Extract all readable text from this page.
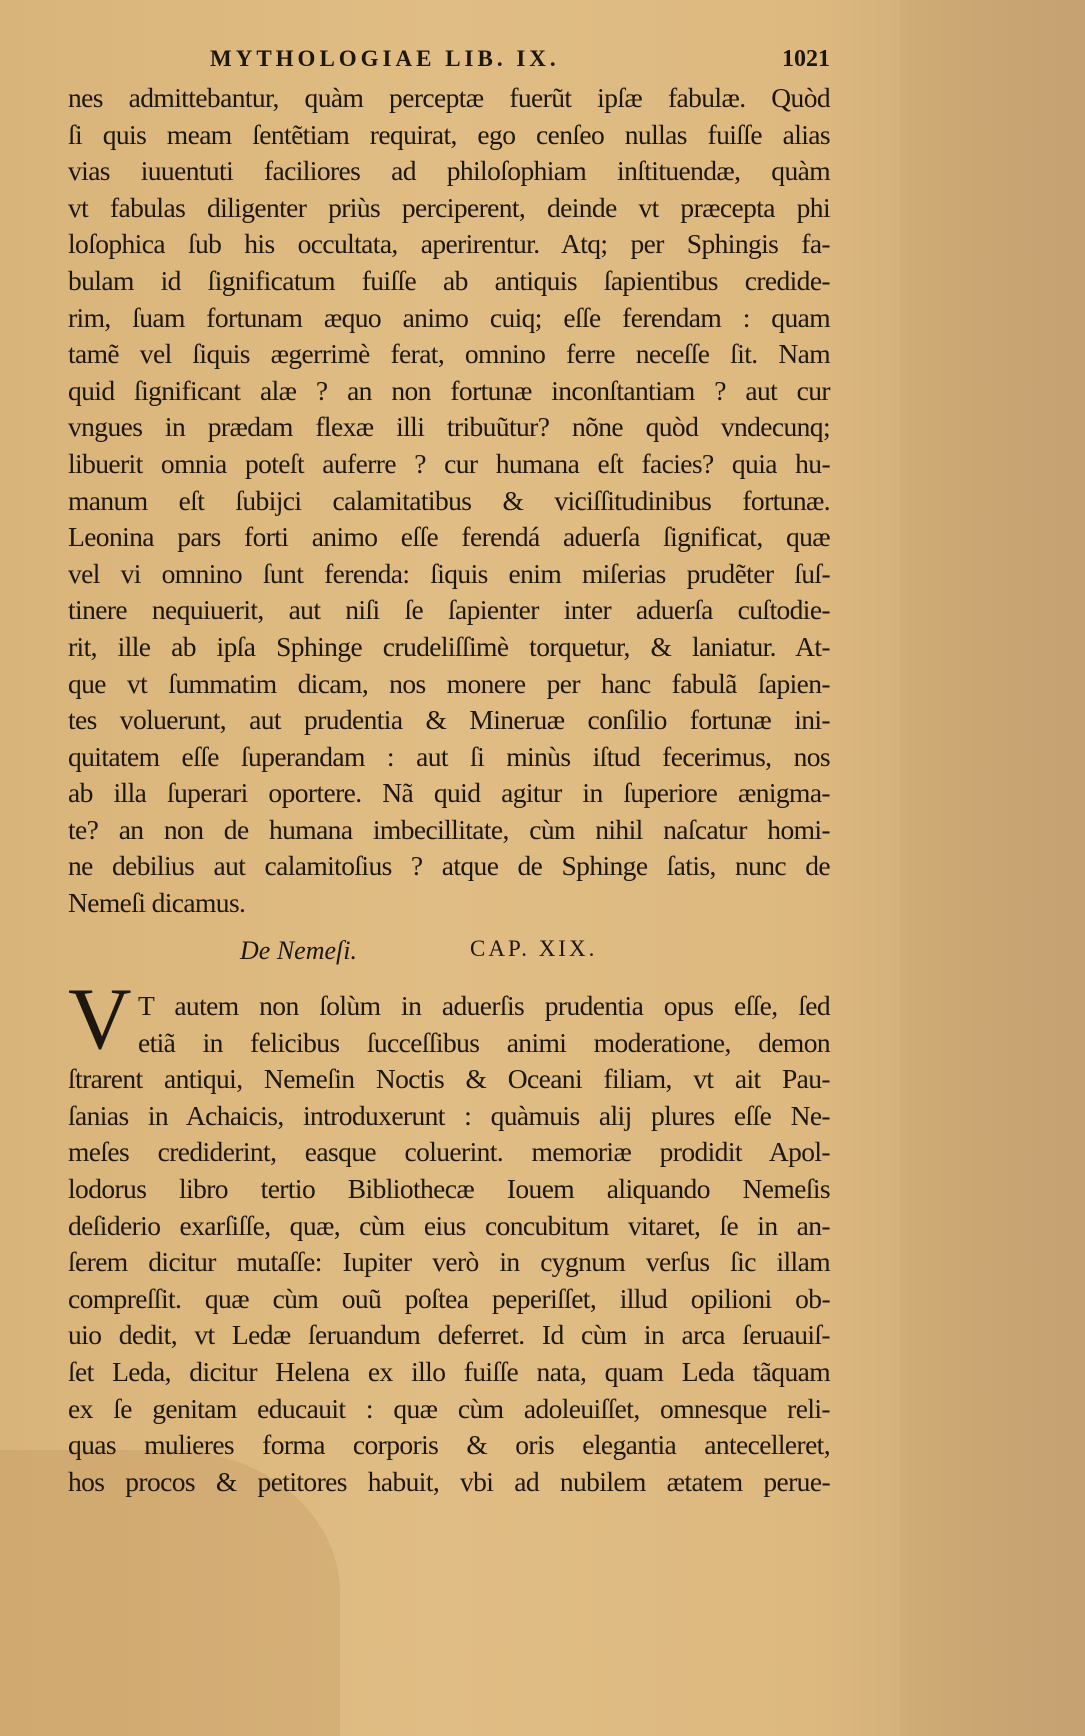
MYTHOLOGIAE LIB. IX.	1021
nes admittebantur, quàm perceptæ fuerũt ipſæ fabulæ. Quòd
ſi quis meam ſentẽtiam requirat, ego cenſeo nullas fuiſſe alias
vias iuuentuti faciliores ad philoſophiam inſtituendæ, quàm
vt fabulas diligenter priùs perciperent, deinde vt præcepta phi
loſophica ſub his occultata, aperirentur. Atq; per Sphingis fa-
bulam id ſignificatum fuiſſe ab antiquis ſapientibus credide-
rim, ſuam fortunam æquo animo cuiq; eſſe ferendam : quam
tamẽ vel ſiquis ægerrimè ferat, omnino ferre neceſſe ſit. Nam
quid ſignificant alæ ? an non fortunæ inconſtantiam ? aut cur
vngues in prædam flexæ illi tribuũtur? nõne quòd vndecunq;
libuerit omnia poteſt auferre ? cur humana eſt facies? quia hu-
manum eſt ſubijci calamitatibus & viciſſitudinibus fortunæ.
Leonina pars forti animo eſſe ferendá aduerſa ſignificat, quæ
vel vi omnino ſunt ferenda: ſiquis enim miſerias prudẽter ſuſ-
tinere nequiuerit, aut niſi ſe ſapienter inter aduerſa cuſtodie-
rit, ille ab ipſa Sphinge crudeliſſimè torquetur, & laniatur. At-
que vt ſummatim dicam, nos monere per hanc fabulã ſapien-
tes voluerunt, aut prudentia & Mineruæ conſilio fortunæ ini-
quitatem eſſe ſuperandam : aut ſi minùs iſtud fecerimus, nos
ab illa ſuperari oportere. Nã quid agitur in ſuperiore ænigma-
te? an non de humana imbecillitate, cùm nihil naſcatur homi-
ne debilius aut calamitoſius ? atque de Sphinge ſatis, nunc de
Nemeſi dicamus.
De Nemeſi.	CAP. XIX.
V T autem non ſolùm in aduerſis prudentia opus eſſe, ſed
etiã in felicibus ſucceſſibus animi moderatione, demon
ſtrarent antiqui, Nemeſin Noctis & Oceani filiam, vt ait Pau-
ſanias in Achaicis, introduxerunt : quàmuis alij plures eſſe Ne-
meſes crediderint, easque coluerint. memoriæ prodidit Apol-
lodorus libro tertio Bibliothecæ Iouem aliquando Nemeſis
deſiderio exarſiſſe, quæ, cùm eius concubitum vitaret, ſe in an-
ſerem dicitur mutaſſe: Iupiter verò in cygnum verſus ſic illam
compreſſit. quæ cùm ouũ poſtea peperiſſet, illud opilioni ob-
uio dedit, vt Ledæ ſeruandum deferret. Id cùm in arca ſeruauiſ-
ſet Leda, dicitur Helena ex illo fuiſſe nata, quam Leda tãquam
ex ſe genitam educauit : quæ cùm adoleuiſſet, omnesque reli-
quas mulieres forma corporis & oris elegantia antecelleret,
hos procos & petitores habuit, vbi ad nubilem ætatem perue-
